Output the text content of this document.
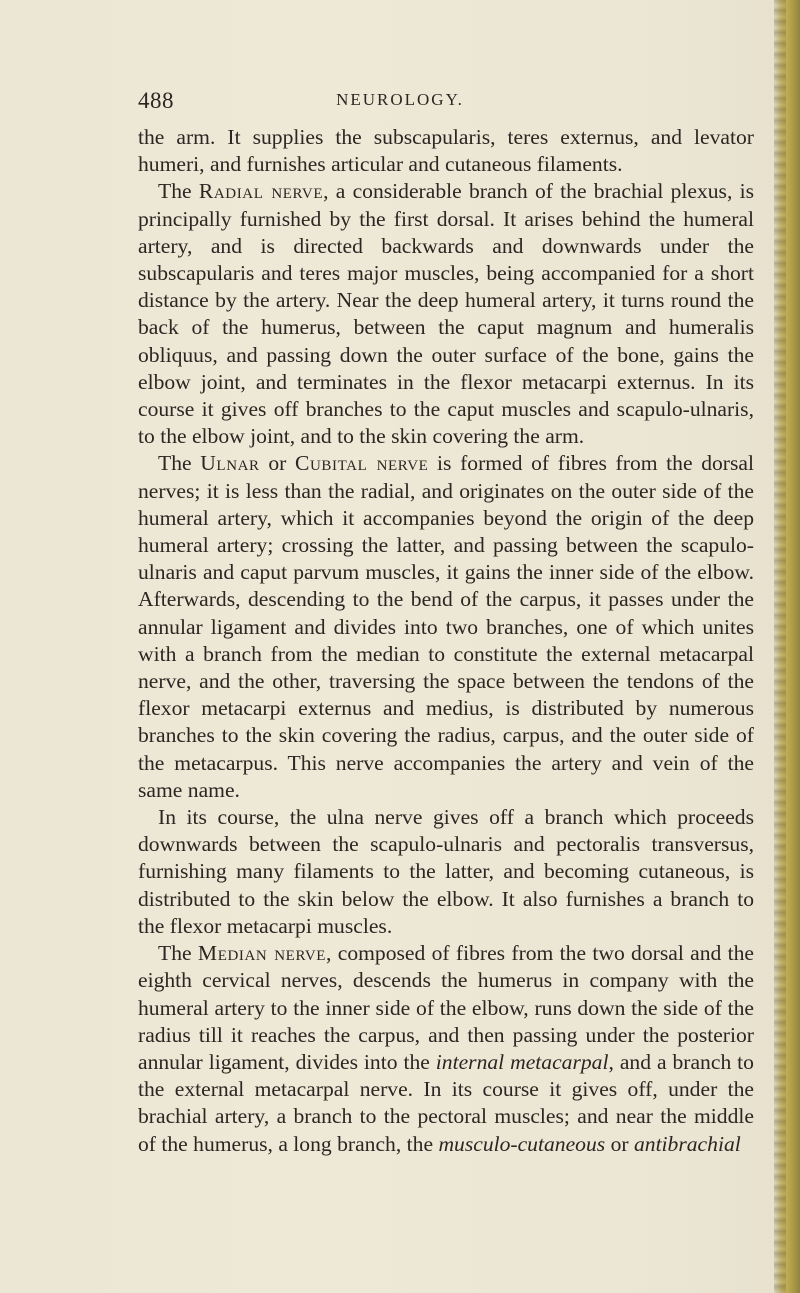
488	NEUROLOGY.

the arm. It supplies the subscapularis, teres externus, and levator humeri, and furnishes articular and cutaneous filaments.

The Radial nerve, a considerable branch of the brachial plexus, is principally furnished by the first dorsal. It arises behind the humeral artery, and is directed backwards and downwards under the subscapularis and teres major muscles, being accompanied for a short distance by the artery. Near the deep humeral artery, it turns round the back of the humerus, between the caput magnum and humeralis obliquus, and passing down the outer surface of the bone, gains the elbow joint, and terminates in the flexor metacarpi externus. In its course it gives off branches to the caput muscles and scapulo-ulnaris, to the elbow joint, and to the skin covering the arm.

The Ulnar or Cubital nerve is formed of fibres from the dorsal nerves; it is less than the radial, and originates on the outer side of the humeral artery, which it accompanies beyond the origin of the deep humeral artery; crossing the latter, and passing between the scapulo-ulnaris and caput parvum muscles, it gains the inner side of the elbow. Afterwards, descending to the bend of the carpus, it passes under the annular ligament and divides into two branches, one of which unites with a branch from the median to constitute the external metacarpal nerve, and the other, traversing the space between the tendons of the flexor metacarpi externus and medius, is distributed by numerous branches to the skin covering the radius, carpus, and the outer side of the metacarpus. This nerve accompanies the artery and vein of the same name.

In its course, the ulna nerve gives off a branch which proceeds downwards between the scapulo-ulnaris and pectoralis transversus, furnishing many filaments to the latter, and becoming cutaneous, is distributed to the skin below the elbow. It also furnishes a branch to the flexor metacarpi muscles.

The Median nerve, composed of fibres from the two dorsal and the eighth cervical nerves, descends the humerus in company with the humeral artery to the inner side of the elbow, runs down the side of the radius till it reaches the carpus, and then passing under the posterior annular ligament, divides into the internal metacarpal, and a branch to the external metacarpal nerve. In its course it gives off, under the brachial artery, a branch to the pectoral muscles; and near the middle of the humerus, a long branch, the musculo-cutaneous or antibrachial
